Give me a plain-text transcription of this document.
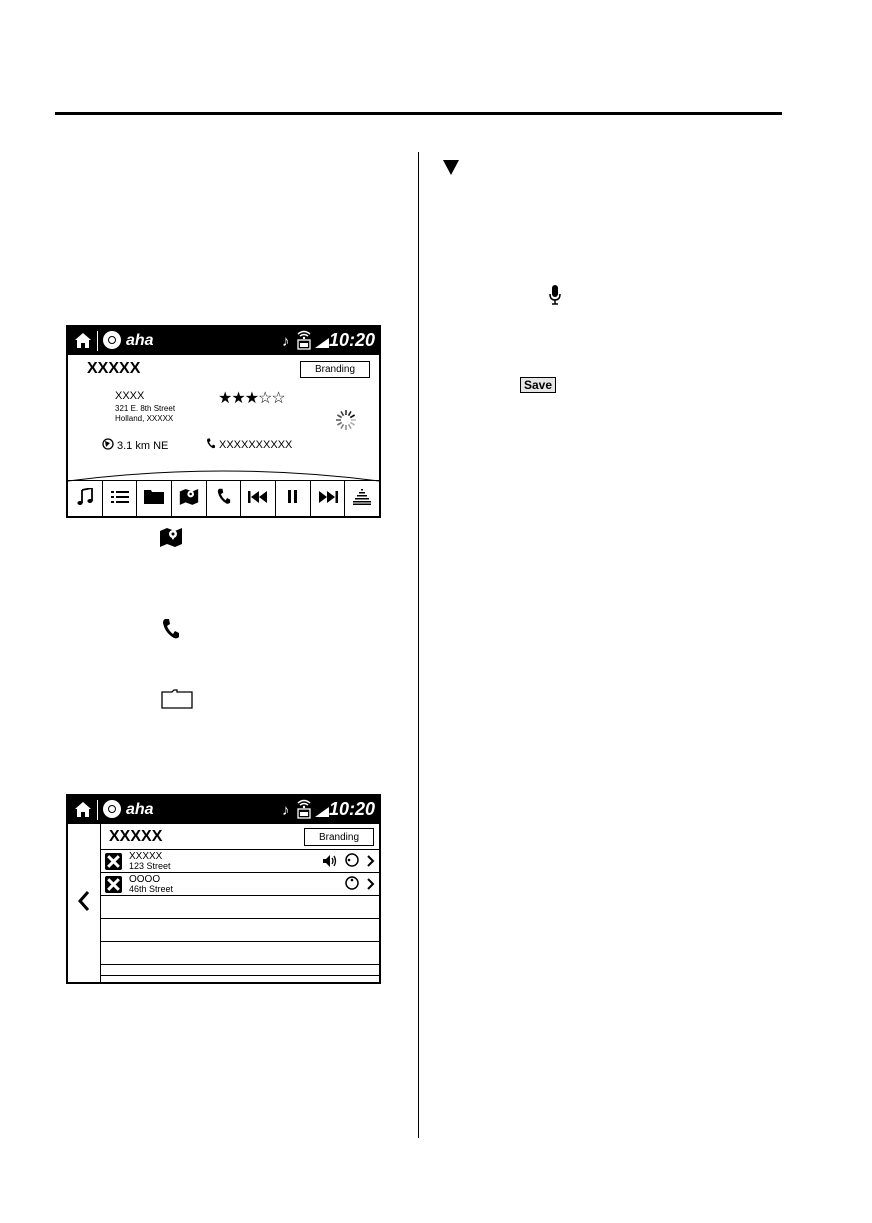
Save
aha	♪ 10:20
XXXXX	Branding
XXXX
321 E. 8th Street
Holland, XXXXX
★★★☆☆
3.1 km NE	XXXXXXXXXX
aha	♪ 10:20
XXXXX	Branding
XXXXX
123 Street
OOOO
46th Street
